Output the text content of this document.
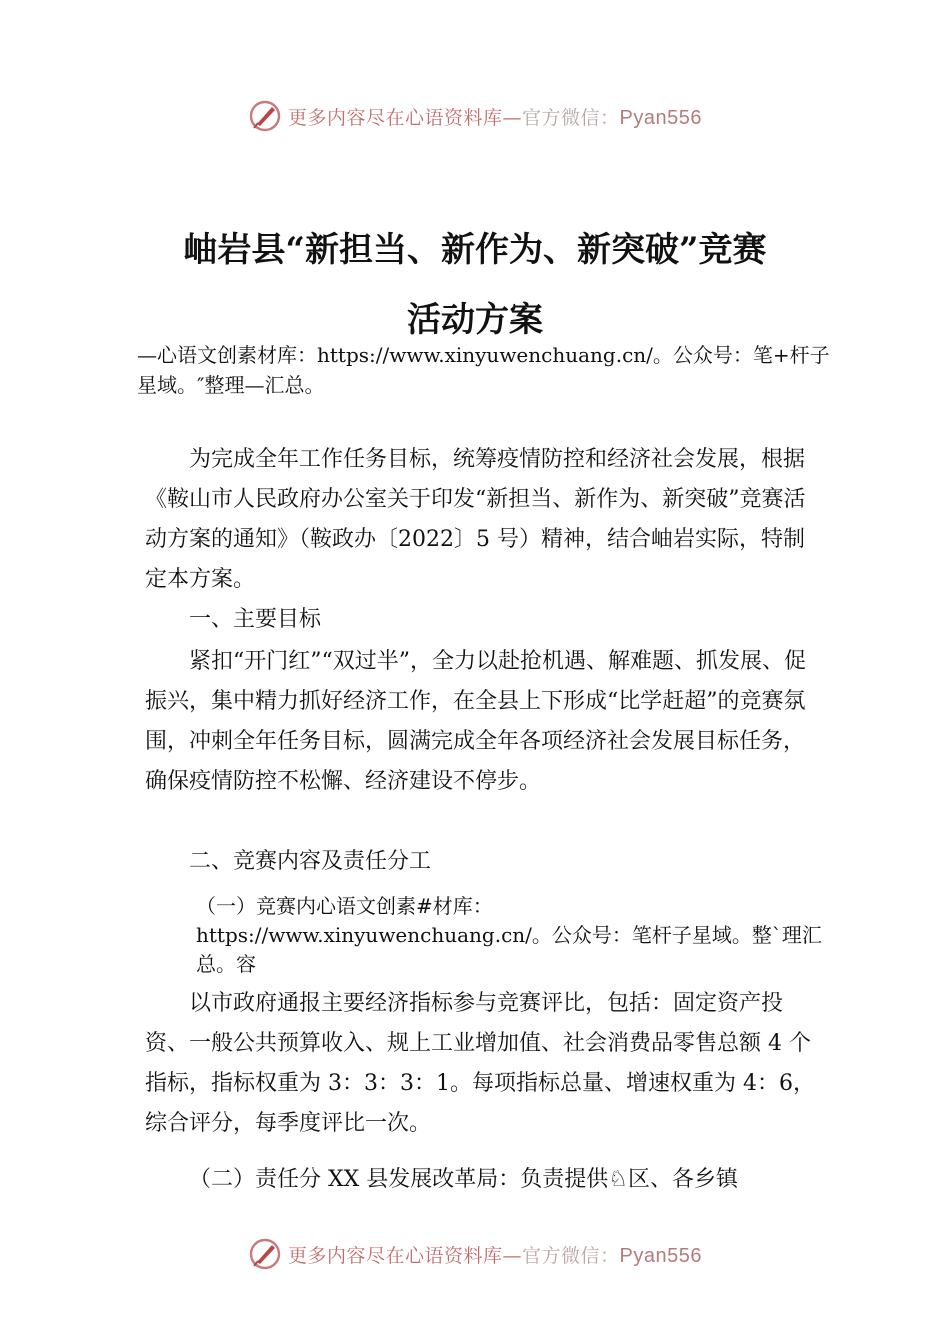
更多内容尽在心语资料库—官方微信：Pyan556
岫岩县“新担当、新作为、新突破”竞赛
活动方案
—心语文创素材库：https://www.xinyuwenchuang.cn/。公众号：笔+杆子星域。″整理—汇总。

为完成全年工作任务目标，统筹疫情防控和经济社会发展，根据《鞍山市人民政府办公室关于印发“新担当、新作为、新突破”竞赛活动方案的通知》（鞍政办〔2022〕5 号）精神，结合岫岩实际，特制定本方案。

一、主要目标

紧扣“开门红”“双过半”，全力以赴抢机遇、解难题、抓发展、促振兴，集中精力抓好经济工作，在全县上下形成“比学赶超”的竞赛氛围，冲刺全年任务目标，圆满完成全年各项经济社会发展目标任务，确保疫情防控不松懈、经济建设不停步。

二、竞赛内容及责任分工

（一）竞赛内心语文创素#材库：https://www.xinyuwenchuang.cn/。公众号：笔杆子星域。整`理汇总。容

以市政府通报主要经济指标参与竞赛评比，包括：固定资产投资、一般公共预算收入、规上工业增加值、社会消费品零售总额 4 个指标，指标权重为 3：3：3：1。每项指标总量、增速权重为 4：6，综合评分，每季度评比一次。

（二）责任分 XX 县发展改革局：负责提供♘区、各乡镇

更多内容尽在心语资料库—官方微信：Pyan556
